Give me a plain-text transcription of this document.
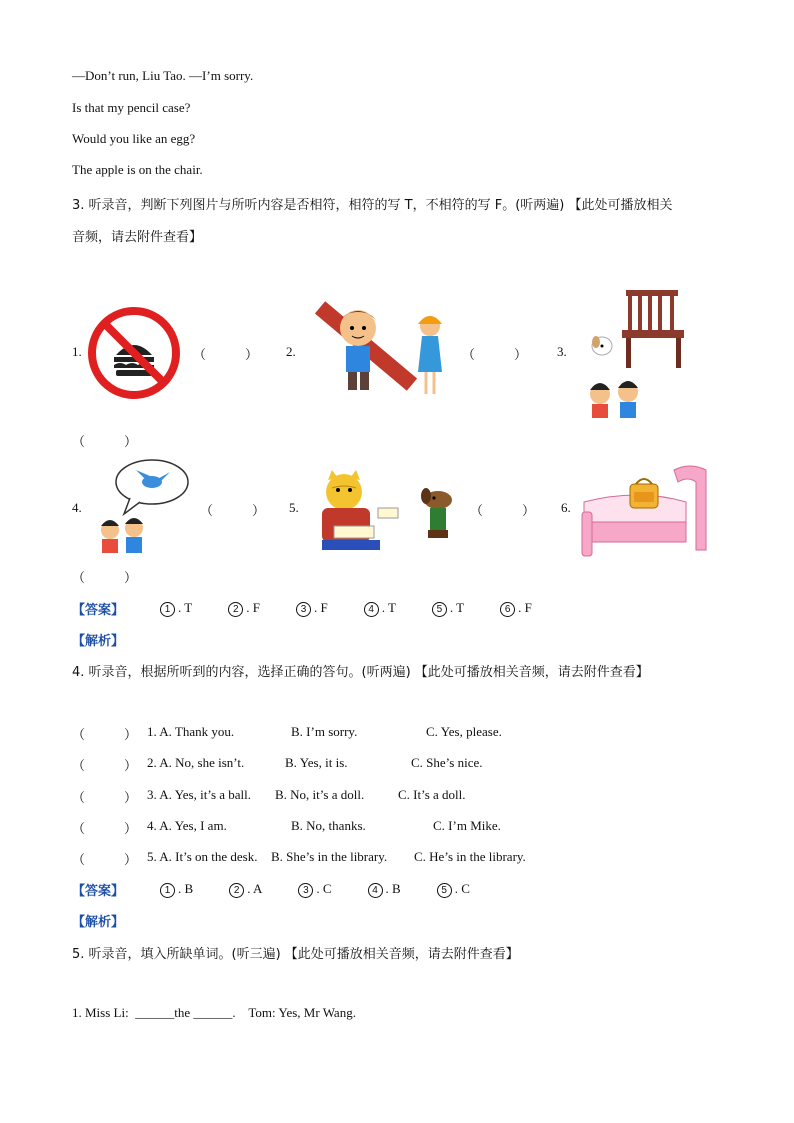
—Don’t run, Liu Tao. —I’m sorry.
Is that my pencil case?
Would you like an egg?
The apple is on the chair.
3. 听录音，判断下列图片与所听内容是否相符，相符的写 T，不相符的写 F。(听两遍) 【此处可播放相关
音频，请去附件查看】
1.	（　　　） 2.	（　　　） 3.
（　　　）
4.	（　　　） 5.	（　　　） 6.
（　　　）
【答案】	1 . T	2 . F	3 . F	4 . T	5 . T	6 . F
【解析】
4. 听录音，根据所听到的内容，选择正确的答句。(听两遍) 【此处可播放相关音频，请去附件查看】
（　　　） 1. A. Thank you.	B. I’m sorry.	C. Yes, please.
（　　　） 2. A. No, she isn’t.	B. Yes, it is.	C. She’s nice.
（　　　） 3. A. Yes, it’s a ball. B. No, it’s a doll.	C. It’s a doll.
（　　　） 4. A. Yes, I am.	B. No, thanks.	C. I’m Mike.
（　　　） 5. A. It’s on the desk. B. She’s in the library. C. He’s in the library.
【答案】	1 . B	2 . A	3 . C	4 . B	5 . C
【解析】
5. 听录音，填入所缺单词。(听三遍) 【此处可播放相关音频，请去附件查看】
1. Miss Li:  ______the ______.    Tom: Yes, Mr Wang.
